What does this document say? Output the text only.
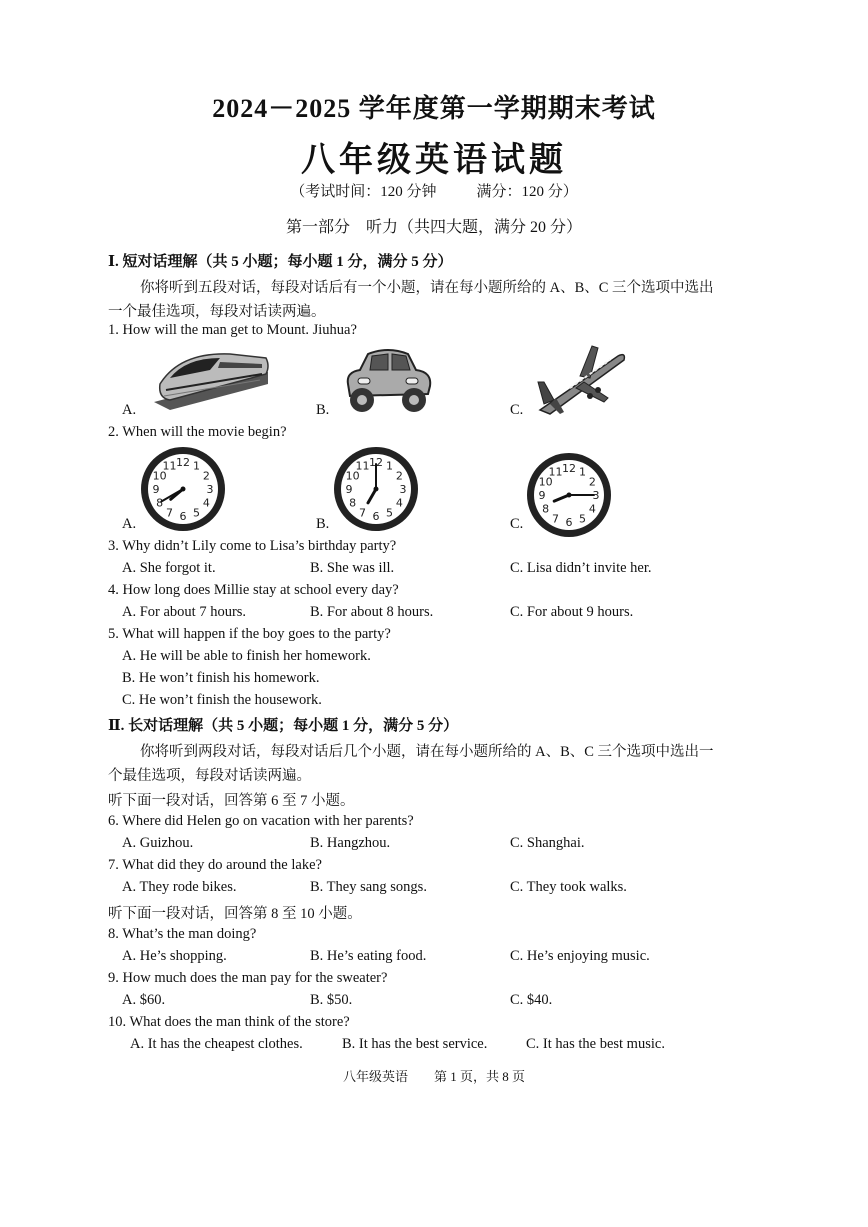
2024－2025 学年度第一学期期末考试
八年级英语试题
（考试时间：120 分钟	满分：120 分）
第一部分　听力（共四大题，满分 20 分）
Ⅰ. 短对话理解（共 5 小题；每小题 1 分，满分 5 分）
你将听到五段对话，每段对话后有一个小题，请在每小题所给的 A、B、C 三个选项中选出
一个最佳选项，每段对话读两遍。
1. How will the man get to Mount. Jiuhua?
A.	B.	C.
2. When will the movie begin?
A.	B.	C.
12 1
2
3
4
5
6
7
8
9
10
11	12 1
2
3
4
5
6
7
8
9
10
11	12 1
2
3
4
5
6
7
8
9
10
11
3. Why didn’t Lily come to Lisa’s birthday party?
A. She forgot it.	B. She was ill.	C. Lisa didn’t invite her.
4. How long does Millie stay at school every day?
A. For about 7 hours.	B. For about 8 hours.	C. For about 9 hours.
5. What will happen if the boy goes to the party?
A. He will be able to finish her homework.
B. He won’t finish his homework.
C. He won’t finish the housework.
Ⅱ. 长对话理解（共 5 小题；每小题 1 分，满分 5 分）
你将听到两段对话，每段对话后几个小题，请在每小题所给的 A、B、C 三个选项中选出一
个最佳选项，每段对话读两遍。
听下面一段对话，回答第 6 至 7 小题。
6. Where did Helen go on vacation with her parents?
A. Guizhou.	B. Hangzhou.	C. Shanghai.
7. What did they do around the lake?
A. They rode bikes.	B. They sang songs.	C. They took walks.
听下面一段对话，回答第 8 至 10 小题。
8. What’s the man doing?
A. He’s shopping.	B. He’s eating food.	C. He’s enjoying music.
9. How much does the man pay for the sweater?
A. $60.	B. $50.	C. $40.
10. What does the man think of the store?
A. It has the cheapest clothes.	B. It has the best service.	C. It has the best music.
八年级英语 第 1 页，共 8 页
